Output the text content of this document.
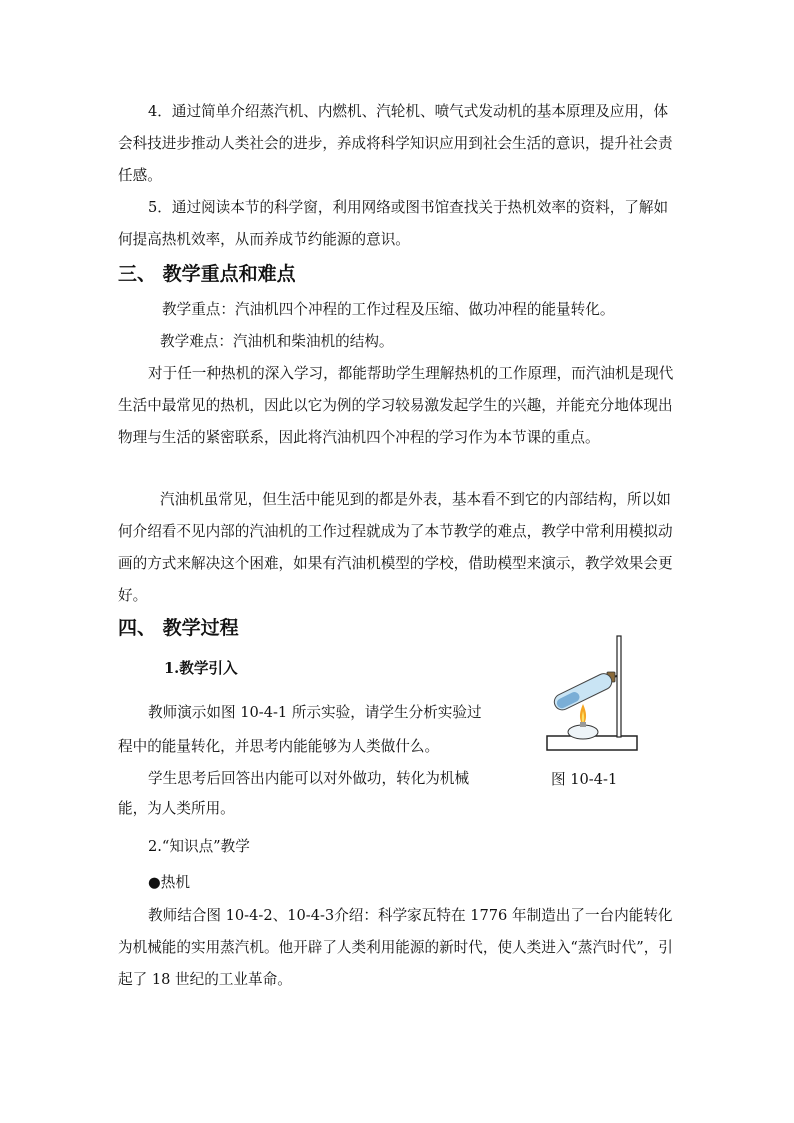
4．通过简单介绍蒸汽机、内燃机、汽轮机、喷气式发动机的基本原理及应用，体会科技进步推动人类社会的进步，养成将科学知识应用到社会生活的意识，提升社会责任感。

5．通过阅读本节的科学窗，利用网络或图书馆查找关于热机效率的资料，了解如何提高热机效率，从而养成节约能源的意识。

三、 教学重点和难点

教学重点：汽油机四个冲程的工作过程及压缩、做功冲程的能量转化。

教学难点：汽油机和柴油机的结构。

对于任一种热机的深入学习，都能帮助学生理解热机的工作原理，而汽油机是现代生活中最常见的热机，因此以它为例的学习较易激发起学生的兴趣，并能充分地体现出物理与生活的紧密联系，因此将汽油机四个冲程的学习作为本节课的重点。

汽油机虽常见，但生活中能见到的都是外表，基本看不到它的内部结构，所以如何介绍看不见内部的汽油机的工作过程就成为了本节教学的难点，教学中常利用模拟动画的方式来解决这个困难，如果有汽油机模型的学校，借助模型来演示，教学效果会更好。

四、 教学过程

1.教学引入

教师演示如图 10-4-1 所示实验，请学生分析实验过

程中的能量转化，并思考内能能够为人类做什么。

学生思考后回答出内能可以对外做功，转化为机械

能，为人类所用。

图 10-4-1

2.“知识点”教学

●热机

教师结合图 10-4-2、10-4-3介绍：科学家瓦特在 1776 年制造出了一台内能转化为机械能的实用蒸汽机。他开辟了人类利用能源的新时代，使人类进入“蒸汽时代”，引起了 18 世纪的工业革命。
